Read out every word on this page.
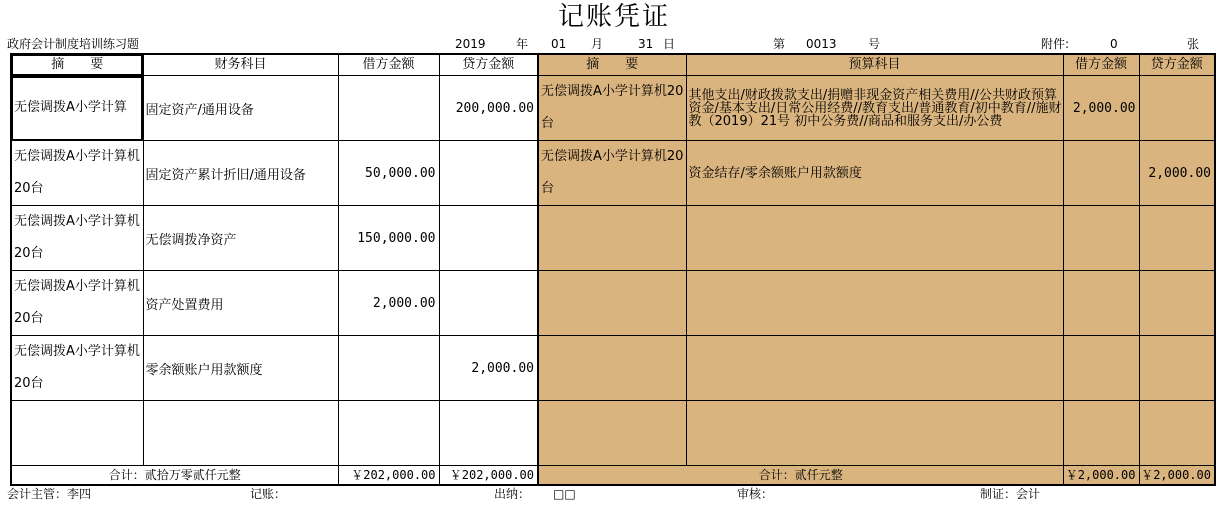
记账凭证
政府会计制度培训练习题	2019	年 01 月	31 日	第 0013	号	附件:	0	张
摘　　要	财务科目	借方金额	贷方金额	摘　　要	预算科目	借方金额	贷方金额
无偿调拨A小学计算	固定资产/通用设备		200,000.00	无偿调拨A小学计算机20台	其他支出/财政拨款支出/捐赠非现金资产相关费用//公共财政预算资金/基本支出/日常公用经费//教育支出/普通教育/初中教育//施财教（2019）21号 初中公务费//商品和服务支出/办公费	2,000.00	
无偿调拨A小学计算机20台	固定资产累计折旧/通用设备	50,000.00		无偿调拨A小学计算机20台	资金结存/零余额账户用款额度		2,000.00
无偿调拨A小学计算机20台	无偿调拨净资产	150,000.00					
无偿调拨A小学计算机20台	资产处置费用	2,000.00					
无偿调拨A小学计算机20台	零余额账户用款额度		2,000.00				

合计：贰拾万零贰仟元整		￥202,000.00	￥202,000.00	合计：贰仟元整		￥2,000.00	￥2,000.00
会计主管：李四	记账：	出纳： □□	审核：	制证：会计
